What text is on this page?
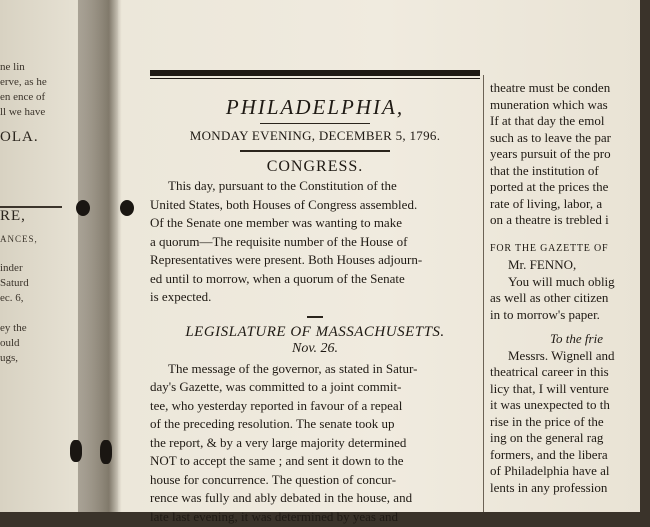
ne lin
erve, as he
en ence of
ll we have
OLA.
RE,
ANCES,
inder
Saturd
ec. 6,

ey the
ould
ugs,
PHILADELPHIA,
MONDAY EVENING, DECEMBER 5, 1796.
CONGRESS.
This day, pursuant to the Constitution of the
United States, both Houses of Congress assembled.
Of the Senate one member was wanting to make
a quorum—The requisite number of the House of
Representatives were present. Both Houses adjourn-
ed until to morrow, when a quorum of the Senate
is expected.
LEGISLATURE OF MASSACHUSETTS.
Nov. 26.
The message of the governor, as stated in Satur-
day's Gazette, was committed to a joint commit-
tee, who yesterday reported in favour of a repeal
of the preceding resolution. The senate took up
the report, & by a very large majority determined
NOT to accept the same ; and sent it down to the
house for concurrence. The question of concur-
rence was fully and ably debated in the house, and
late last evening, it was determined by yeas and
theatre must be conden
muneration which was
If at that day the emol
such as to leave the par
years pursuit of the pro
that the institution of
ported at the prices the
rate of living, labor, a
on a theatre is trebled i
FOR THE GAZETTE OF
Mr. FENNO,
You will much oblig
as well as other citizen
in to morrow's paper.
To the frie
Messrs. Wignell and
theatrical career in this
licy that, I will venture
it was unexpected to th
rise in the price of the
ing on the general rag
formers, and the libera
of Philadelphia have al
lents in any profession
